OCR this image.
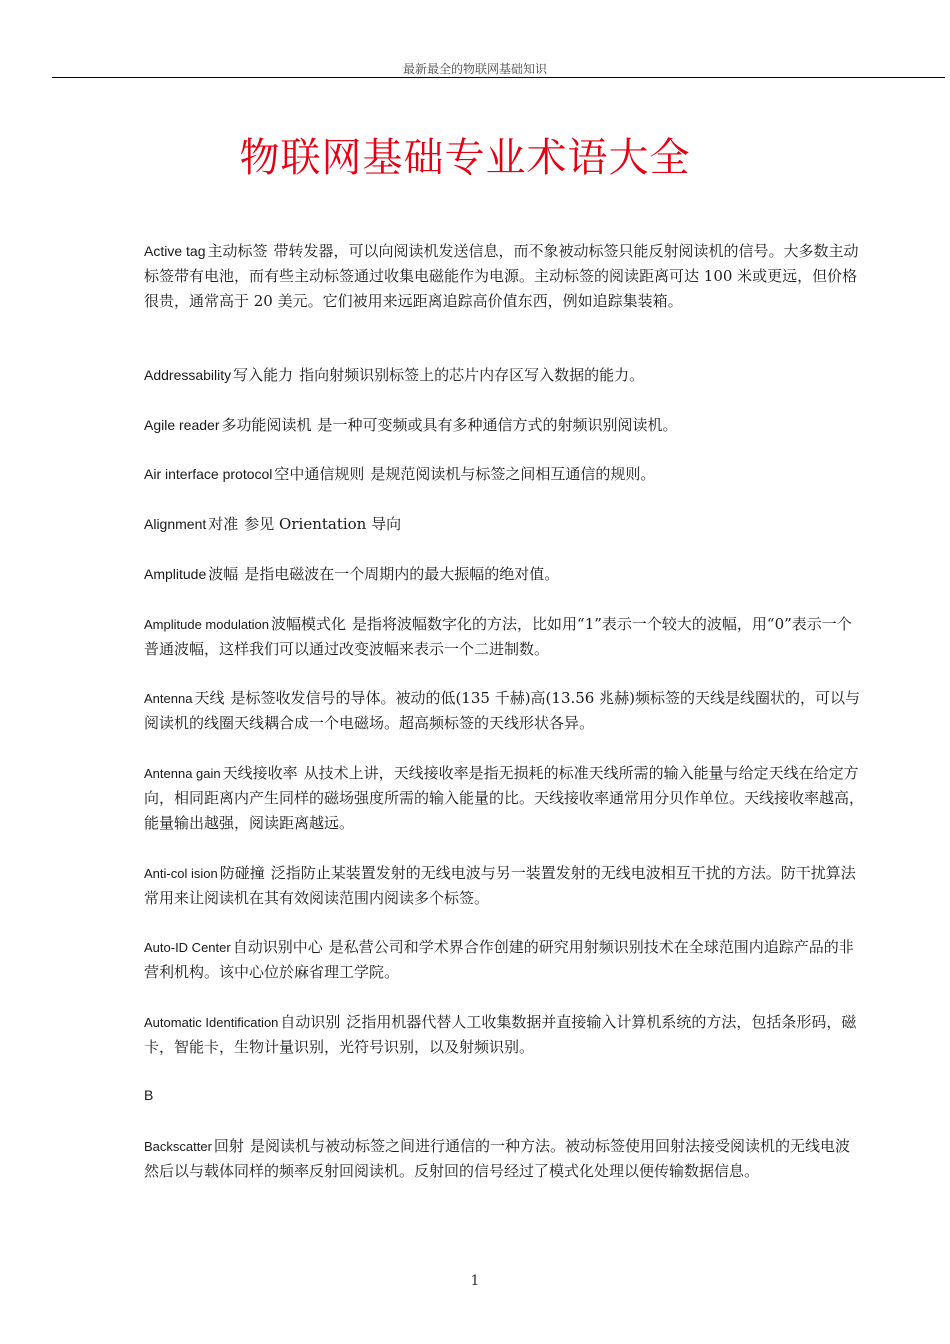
最新最全的物联网基础知识
物联网基础专业术语大全
Active tag 主动标签 带转发器，可以向阅读机发送信息，而不象被动标签只能反射阅读机的信号。大多数主动标签带有电池，而有些主动标签通过收集电磁能作为电源。主动标签的阅读距离可达 100 米或更远，但价格很贵，通常高于 20 美元。它们被用来远距离追踪高价值东西，例如追踪集装箱。
Addressability 写入能力 指向射频识别标签上的芯片内存区写入数据的能力。
Agile reader 多功能阅读机 是一种可变频或具有多种通信方式的射频识别阅读机。
Air interface protocol 空中通信规则 是规范阅读机与标签之间相互通信的规则。
Alignment 对准 参见 Orientation 导向
Amplitude 波幅 是指电磁波在一个周期内的最大振幅的绝对值。
Amplitude modulation 波幅模式化 是指将波幅数字化的方法，比如用“1”表示一个较大的波幅，用“0”表示一个普通波幅，这样我们可以通过改变波幅来表示一个二进制数。
Antenna 天线 是标签收发信号的导体。被动的低(135 千赫)高(13.56 兆赫)频标签的天线是线圈状的，可以与阅读机的线圈天线耦合成一个电磁场。超高频标签的天线形状各异。
Antenna gain 天线接收率 从技术上讲，天线接收率是指无损耗的标准天线所需的输入能量与给定天线在给定方向，相同距离内产生同样的磁场强度所需的输入能量的比。天线接收率通常用分贝作单位。天线接收率越高，能量输出越强，阅读距离越远。
Anti-col ision 防碰撞 泛指防止某装置发射的无线电波与另一装置发射的无线电波相互干扰的方法。防干扰算法常用来让阅读机在其有效阅读范围内阅读多个标签。
Auto-ID Center 自动识别中心 是私营公司和学术界合作创建的研究用射频识别技术在全球范围内追踪产品的非营利机构。该中心位於麻省理工学院。
Automatic Identification 自动识别 泛指用机器代替人工收集数据并直接输入计算机系统的方法，包括条形码，磁卡，智能卡，生物计量识别，光符号识别，以及射频识别。
B
Backscatter 回射 是阅读机与被动标签之间进行通信的一种方法。被动标签使用回射法接受阅读机的无线电波然后以与载体同样的频率反射回阅读机。反射回的信号经过了模式化处理以便传输数据信息。
1
